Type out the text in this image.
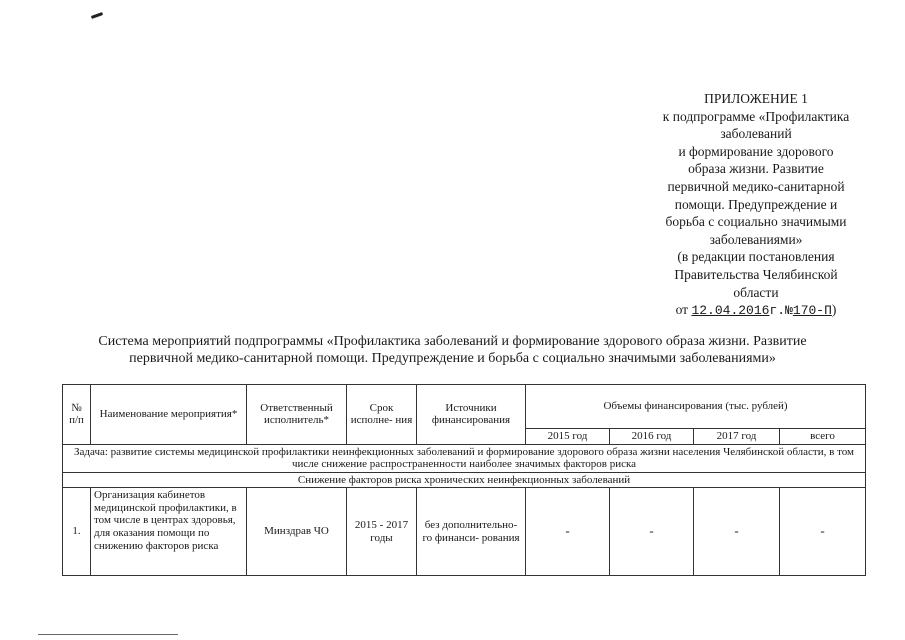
ПРИЛОЖЕНИЕ 1
к подпрограмме «Профилактика
заболеваний
и формирование здорового
образа жизни. Развитие
первичной медико-санитарной
помощи. Предупреждение и
борьба с социально значимыми
заболеваниями»
(в редакции постановления
Правительства Челябинской
области
от 12.04.2016г.№170-П)
Система мероприятий подпрограммы «Профилактика заболеваний и формирование здорового образа жизни. Развитие
первичной медико-санитарной помощи. Предупреждение и борьба с социально значимыми заболеваниями»
№ п/п	Наименование мероприятия*	Ответственный исполнитель*	Срок исполне- ния	Источники финансирования	Объемы финансирования (тыс. рублей)			
					2015 год	2016 год	2017 год	всего
Задача: развитие системы медицинской профилактики неинфекционных заболеваний и формирование здорового образа жизни населения Челябинской области, в том числе снижение распространенности наиболее значимых факторов риска								
Снижение факторов риска хронических неинфекционных заболеваний								
1.	Организация кабинетов медицинской профилактики, в том числе в центрах здоровья, для оказания помощи по снижению факторов риска	Минздрав ЧО	2015 - 2017 годы	без дополнительно- го финанси- рования	-	-	-	-
